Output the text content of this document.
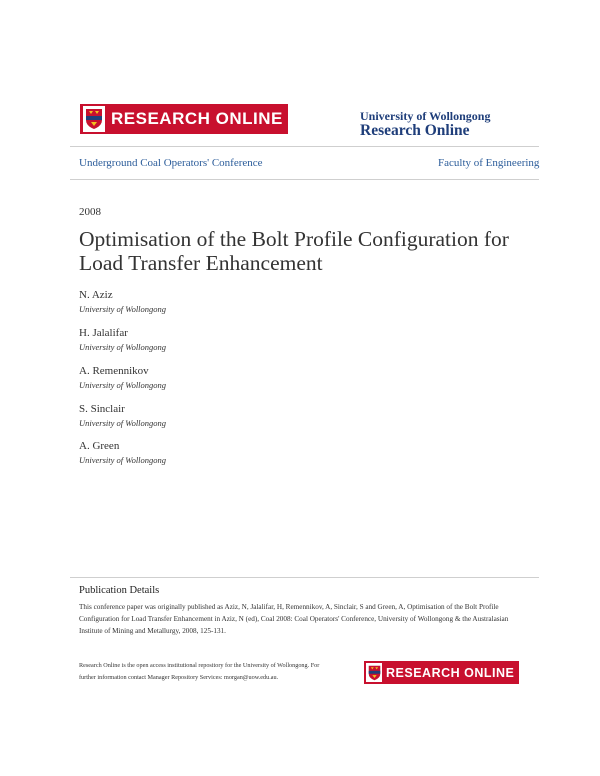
RESEARCH ONLINE	University of Wollongong
Research Online
Underground Coal Operators' Conference	Faculty of Engineering
2008
Optimisation of the Bolt Profile Configuration for Load Transfer Enhancement
N. Aziz
University of Wollongong
H. Jalalifar
University of Wollongong
A. Remennikov
University of Wollongong
S. Sinclair
University of Wollongong
A. Green
University of Wollongong
Publication Details

This conference paper was originally published as Aziz, N, Jalalifar, H, Remennikov, A, Sinclair, S and Green, A, Optimisation of the Bolt Profile Configuration for Load Transfer Enhancement in Aziz, N (ed), Coal 2008: Coal Operators' Conference, University of Wollongong & the Australasian Institute of Mining and Metallurgy, 2008, 125-131.

Research Online is the open access institutional repository for the University of Wollongong. For further information contact Manager Repository Services: morgan@uow.edu.au.	RESEARCH ONLINE
